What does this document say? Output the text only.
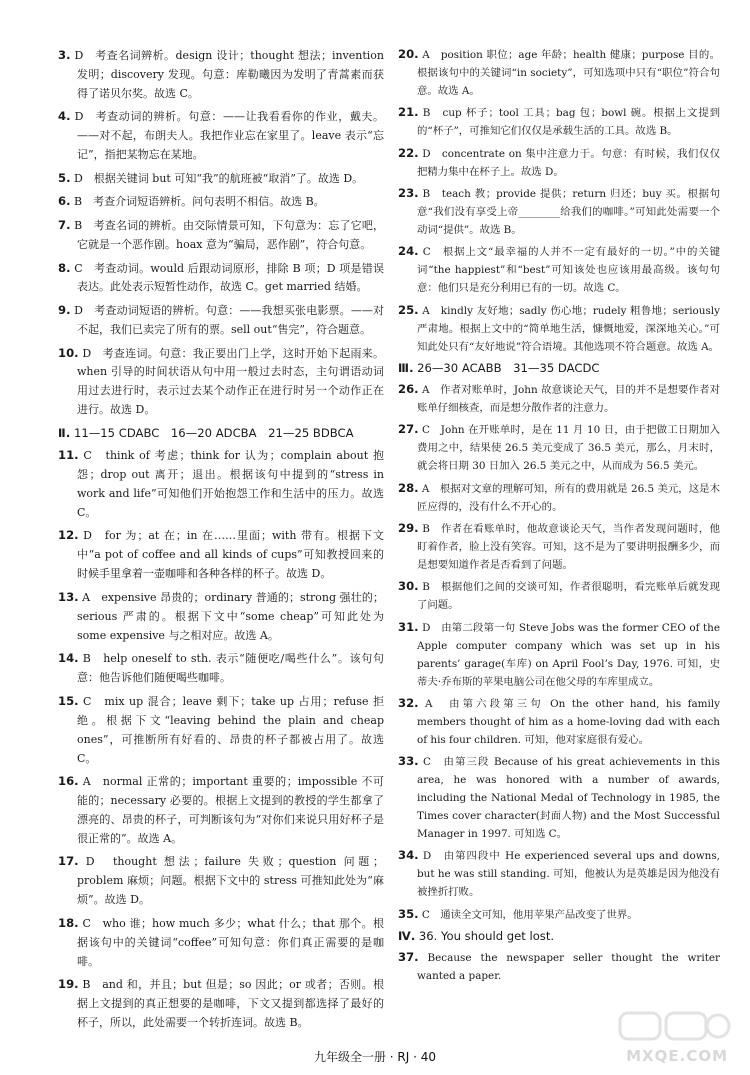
3. D　考查名词辨析。design 设计；thought 想法；invention 发明；discovery 发现。句意：库勒曦因为发明了青蒿素而获得了诺贝尔奖。故选 C。
4. D　考查动词的辨析。句意：——让我看看你的作业，戴夫。——对不起，布朗夫人。我把作业忘在家里了。leave 表示“忘记”，指把某物忘在某地。
5. D　根据关键词 but 可知“我”的航班被“取消”了。故选 D。
6. B　考查介词短语辨析。问句表明不相信。故选 B。
7. B　考查名词的辨析。由交际情景可知，下句意为：忘了它吧，它就是一个恶作剧。hoax 意为“骗局，恶作剧”，符合句意。
8. C　考查动词。would 后跟动词原形，排除 B 项；D 项是错误表达。此处表示短暂性动作，故选 C。get married 结婚。
9. D　考查动词短语的辨析。句意：——我想买张电影票。——对不起，我们已卖完了所有的票。sell out“售完”，符合题意。
10. D　考查连词。句意：我正要出门上学，这时开始下起雨来。when 引导的时间状语从句中用一般过去时态，主句谓语动词用过去进行时，表示过去某个动作正在进行时另一个动作正在进行。故选 D。
Ⅱ. 11—15 CDABC　16—20 ADCBA　21—25 BDBCA
11. C　think of 考虑；think for 认为；complain about 抱怨；drop out 离开；退出。根据该句中提到的“stress in work and life”可知他们开始抱怨工作和生活中的压力。故选 C。
12. D　for 为；at 在；in 在……里面；with 带有。根据下文中“a pot of coffee and all kinds of cups”可知教授回来的时候手里拿着一壶咖啡和各种各样的杯子。故选 D。
13. A　expensive 昂贵的；ordinary 普通的；strong 强壮的；serious 严肃的。根据下文中“some cheap”可知此处为 some expensive 与之相对应。故选 A。
14. B　help oneself to sth. 表示“随便吃/喝些什么”。该句句意：他告诉他们随便喝些咖啡。
15. C　mix up 混合；leave 剩下；take up 占用；refuse 拒绝。根据下文“leaving behind the plain and cheap ones”，可推断所有好看的、昂贵的杯子都被占用了。故选 C。
16. A　normal 正常的；important 重要的；impossible 不可能的；necessary 必要的。根据上文提到的教授的学生都拿了漂亮的、昂贵的杯子，可判断该句为“对你们来说只用好杯子是很正常的”。故选 A。
17. D　thought 想法；failure 失败；question 问题；problem 麻烦；问题。根据下文中的 stress 可推知此处为“麻烦”。故选 D。
18. C　who 谁；how much 多少；what 什么；that 那个。根据该句中的关键词“coffee”可知句意：你们真正需要的是咖啡。
19. B　and 和，并且；but 但是；so 因此；or 或者；否则。根据上文提到的真正想要的是咖啡，下文又提到都选择了最好的杯子，所以，此处需要一个转折连词。故选 B。
20. A　position 职位；age 年龄；health 健康；purpose 目的。根据该句中的关键词“in society”，可知选项中只有“职位”符合句意。故选 A。
21. B　cup 杯子；tool 工具；bag 包；bowl 碗。根据上文提到的“杯子”，可推知它们仅仅是承载生活的工具。故选 B。
22. D　concentrate on 集中注意力于。句意：有时候，我们仅仅把精力集中在杯子上。故选 D。
23. B　teach 教；provide 提供；return 归还；buy 买。根据句意“我们没有享受上帝________给我们的咖啡。”可知此处需要一个动词“提供”。故选 B。
24. C　根据上文“最幸福的人并不一定有最好的一切。”中的关键词“the happiest”和“best”可知该处也应该用最高级。该句句意：他们只是充分利用已有的一切。故选 C。
25. A　kindly 友好地；sadly 伤心地；rudely 粗鲁地；seriously 严肃地。根据上文中的“简单地生活，慷慨地爱，深深地关心。”可知此处只有“友好地说”符合语境。其他选项不符合题意。故选 A。
Ⅲ. 26—30 ACABB　31—35 DACDC
26. A　作者对账单时，John 故意谈论天气，目的并不是想要作者对账单仔细核查，而是想分散作者的注意力。
27. C　John 在开账单时，是在 11 月 10 日，由于把做工日期加入费用之中，结果使 26.5 美元变成了 36.5 美元，那么，月末时，就会将日期 30 日加入 26.5 美元之中，从而成为 56.5 美元。
28. A　根据对文章的理解可知，所有的费用就是 26.5 美元，这是木匠应得的，没有什么不开心的。
29. B　作者在看账单时，他故意谈论天气，当作者发现问题时，他盯着作者，脸上没有笑容。可知，这不是为了要讲明报酬多少，而是想要知道作者是否看到了问题。
30. B　根据他们之间的交谈可知，作者很聪明，看完账单后就发现了问题。
31. D　由第二段第一句 Steve Jobs was the former CEO of the Apple computer company which was set up in his parents’ garage(车库) on April Fool’s Day, 1976. 可知，史蒂夫·乔布斯的苹果电脑公司在他父母的车库里成立。
32. A　由第六段第三句 On the other hand, his family members thought of him as a home-loving dad with each of his four children. 可知，他对家庭很有爱心。
33. C　由第三段 Because of his great achievements in this area, he was honored with a number of awards, including the National Medal of Technology in 1985, the Times cover character(封面人物) and the Most Successful Manager in 1997. 可知选 C。
34. D　由第四段中 He experienced several ups and downs, but he was still standing. 可知，他被认为是英雄是因为他没有被挫折打败。
35. C　通读全文可知，他用苹果产品改变了世界。
Ⅳ. 36. You should get lost.
37. Because the newspaper seller thought the writer wanted a paper.
九年级全一册 · RJ · 40	MXQE.COM
